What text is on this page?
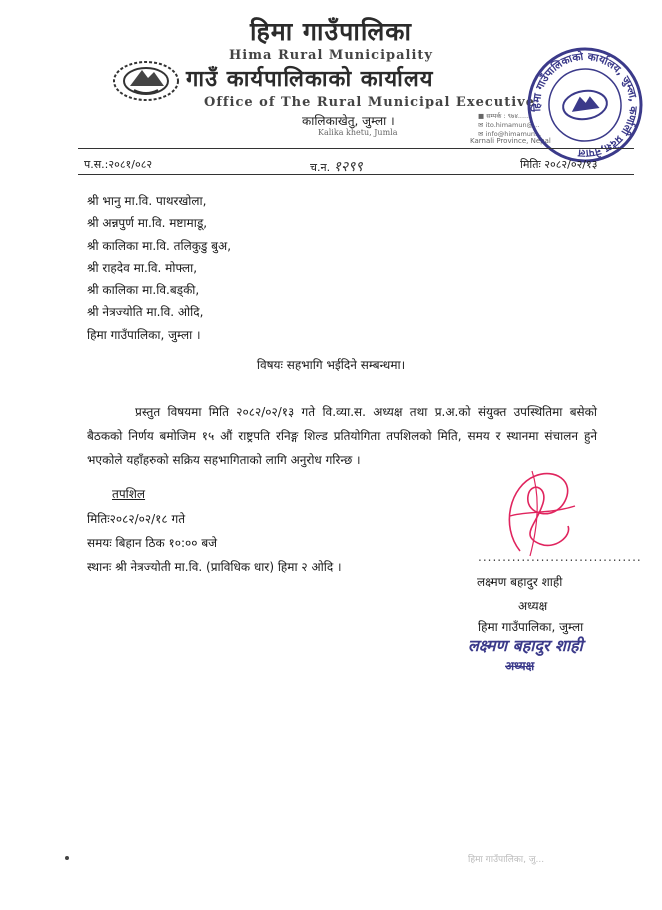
हिमा गाउँपालिका
Hima Rural Municipality
गाउँ कार्यपालिकाको कार्यालय
Office of The Rural Municipal Executive
कालिकाखेतु, जुम्ला ।
Kalika khetu, Jumla
■ सम्पर्क : ९७४......
✉ ito.himamun@...
✉ info@himamun...
Karnali Province, Nepal
हिमा गाउँपालिकाको कार्यालय, जुम्ला, कर्णाली प्रदेश,नेपाल
प.स.:२०८१/०८२	च.न. १२९९	मितिः २०८२/०२/१३
श्री भानु मा.वि. पाथरखोला,
श्री अन्नपुर्ण मा.वि. मष्टामाडू,
श्री कालिका मा.वि. तलिकुडु बुअ,
श्री राहदेव मा.वि. मोफ्ला,
श्री कालिका मा.वि.बड्की,
श्री नेत्रज्योति मा.वि. ओदि,
हिमा गाउँपालिका, जुम्ला ।
विषयः सहभागि भईदिने सम्बन्धमा।
प्रस्तुत विषयमा मिति २०८२/०२/१३ गते वि.व्या.स. अध्यक्ष तथा प्र.अ.को संयुक्त उपस्थितिमा बसेको बैठकको निर्णय बमोजिम १५ औं राष्ट्रपति रनिङ्ग शिल्ड प्रतियोगिता तपशिलको मिति, समय र स्थानमा संचालन हुने भएकोले यहाँहरुको सक्रिय सहभागिताको लागि अनुरोध गरिन्छ ।
तपशिल
मितिः२०८२/०२/१८ गते
समयः बिहान ठिक १०:०० बजे
स्थानः श्री नेत्रज्योती मा.वि. (प्राविधिक धार) हिमा २ ओदि ।
..................................
लक्ष्मण बहादुर शाही
अध्यक्ष
हिमा गाउँपालिका, जुम्ला
लक्ष्मण बहादुर शाही
अध्यक्ष
हिमा गाउँपालिका, जु...
